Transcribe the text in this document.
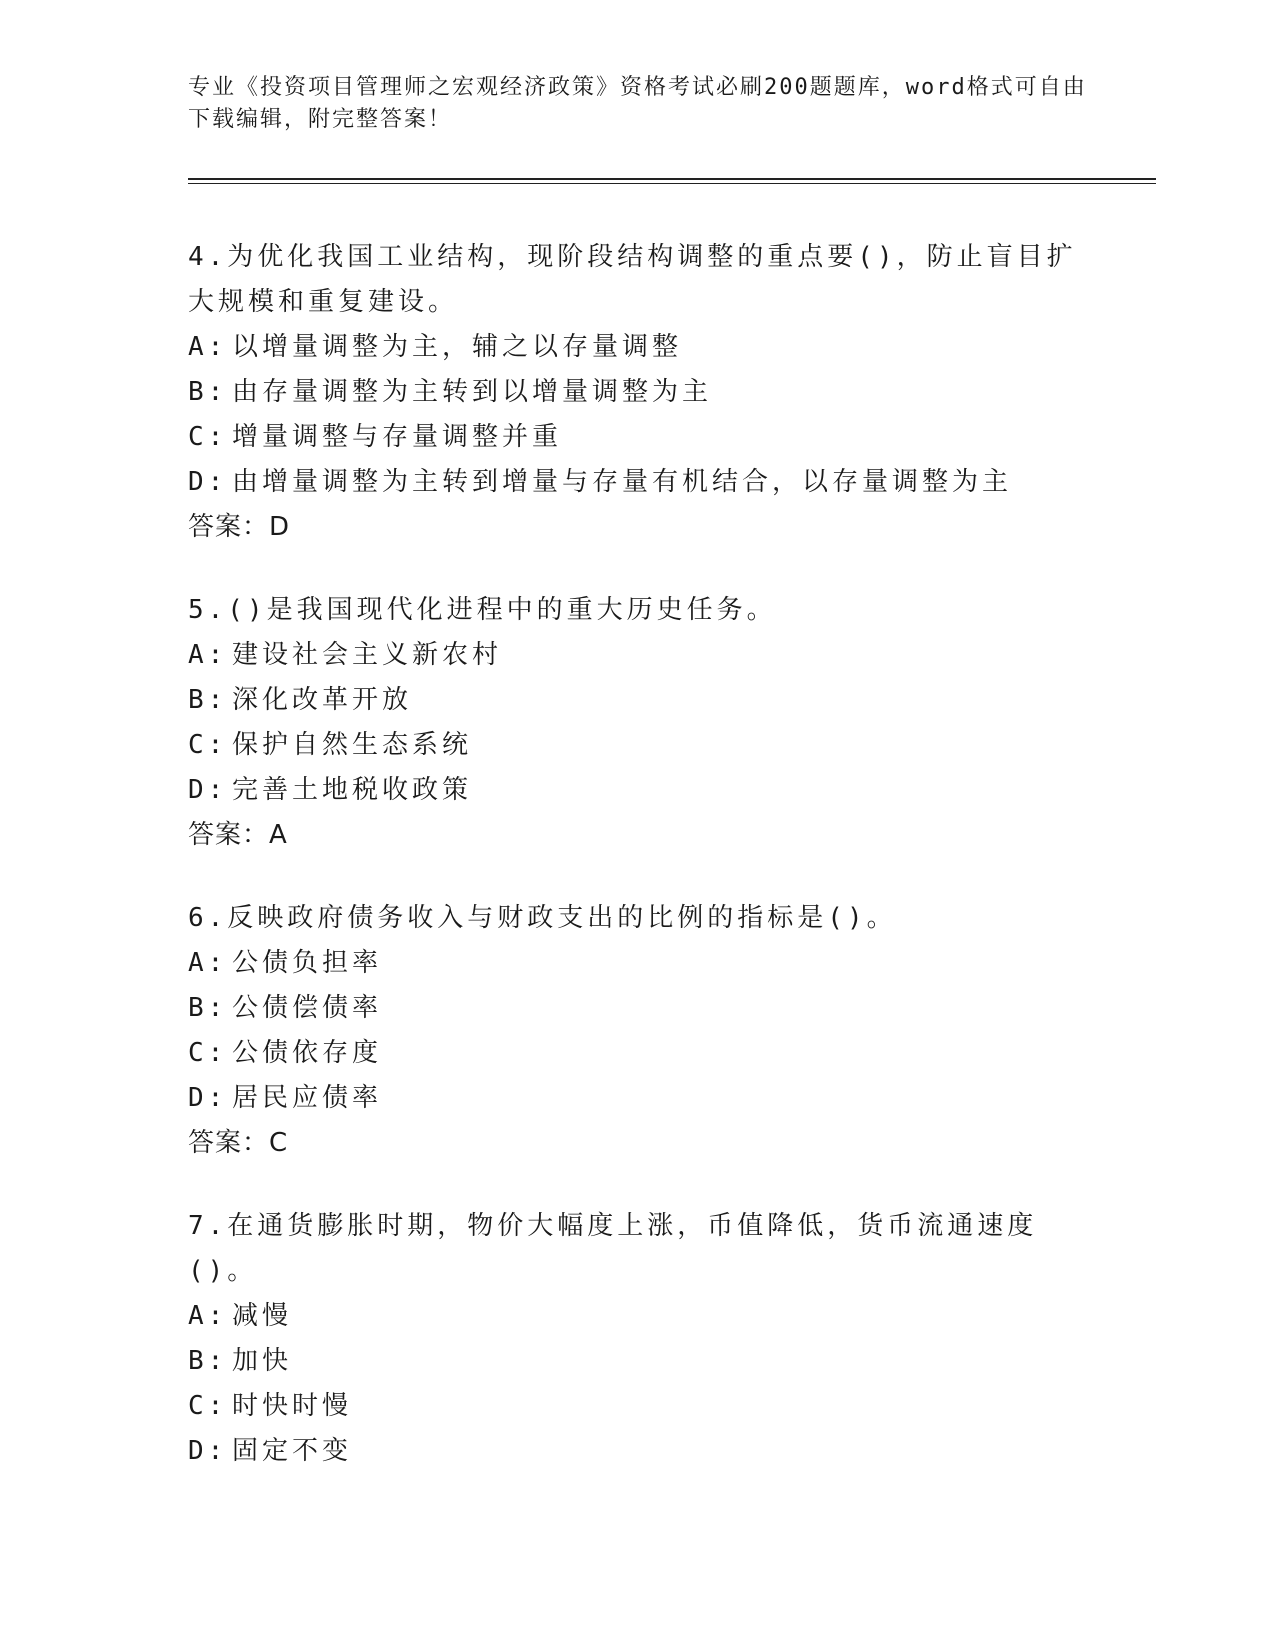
专业《投资项目管理师之宏观经济政策》资格考试必刷200题题库，word格式可自由下载编辑，附完整答案！

4.为优化我国工业结构，现阶段结构调整的重点要()，防止盲目扩大规模和重复建设。

A: 以增量调整为主，辅之以存量调整
B: 由存量调整为主转到以增量调整为主
C: 增量调整与存量调整并重
D: 由增量调整为主转到增量与存量有机结合，以存量调整为主

答案：D

5.()是我国现代化进程中的重大历史任务。

A: 建设社会主义新农村
B: 深化改革开放
C: 保护自然生态系统
D: 完善土地税收政策

答案：A

6.反映政府债务收入与财政支出的比例的指标是()。

A: 公债负担率
B: 公债偿债率
C: 公债依存度
D: 居民应债率

答案：C

7.在通货膨胀时期，物价大幅度上涨，币值降低，货币流通速度()。

A: 减慢
B: 加快
C: 时快时慢
D: 固定不变
